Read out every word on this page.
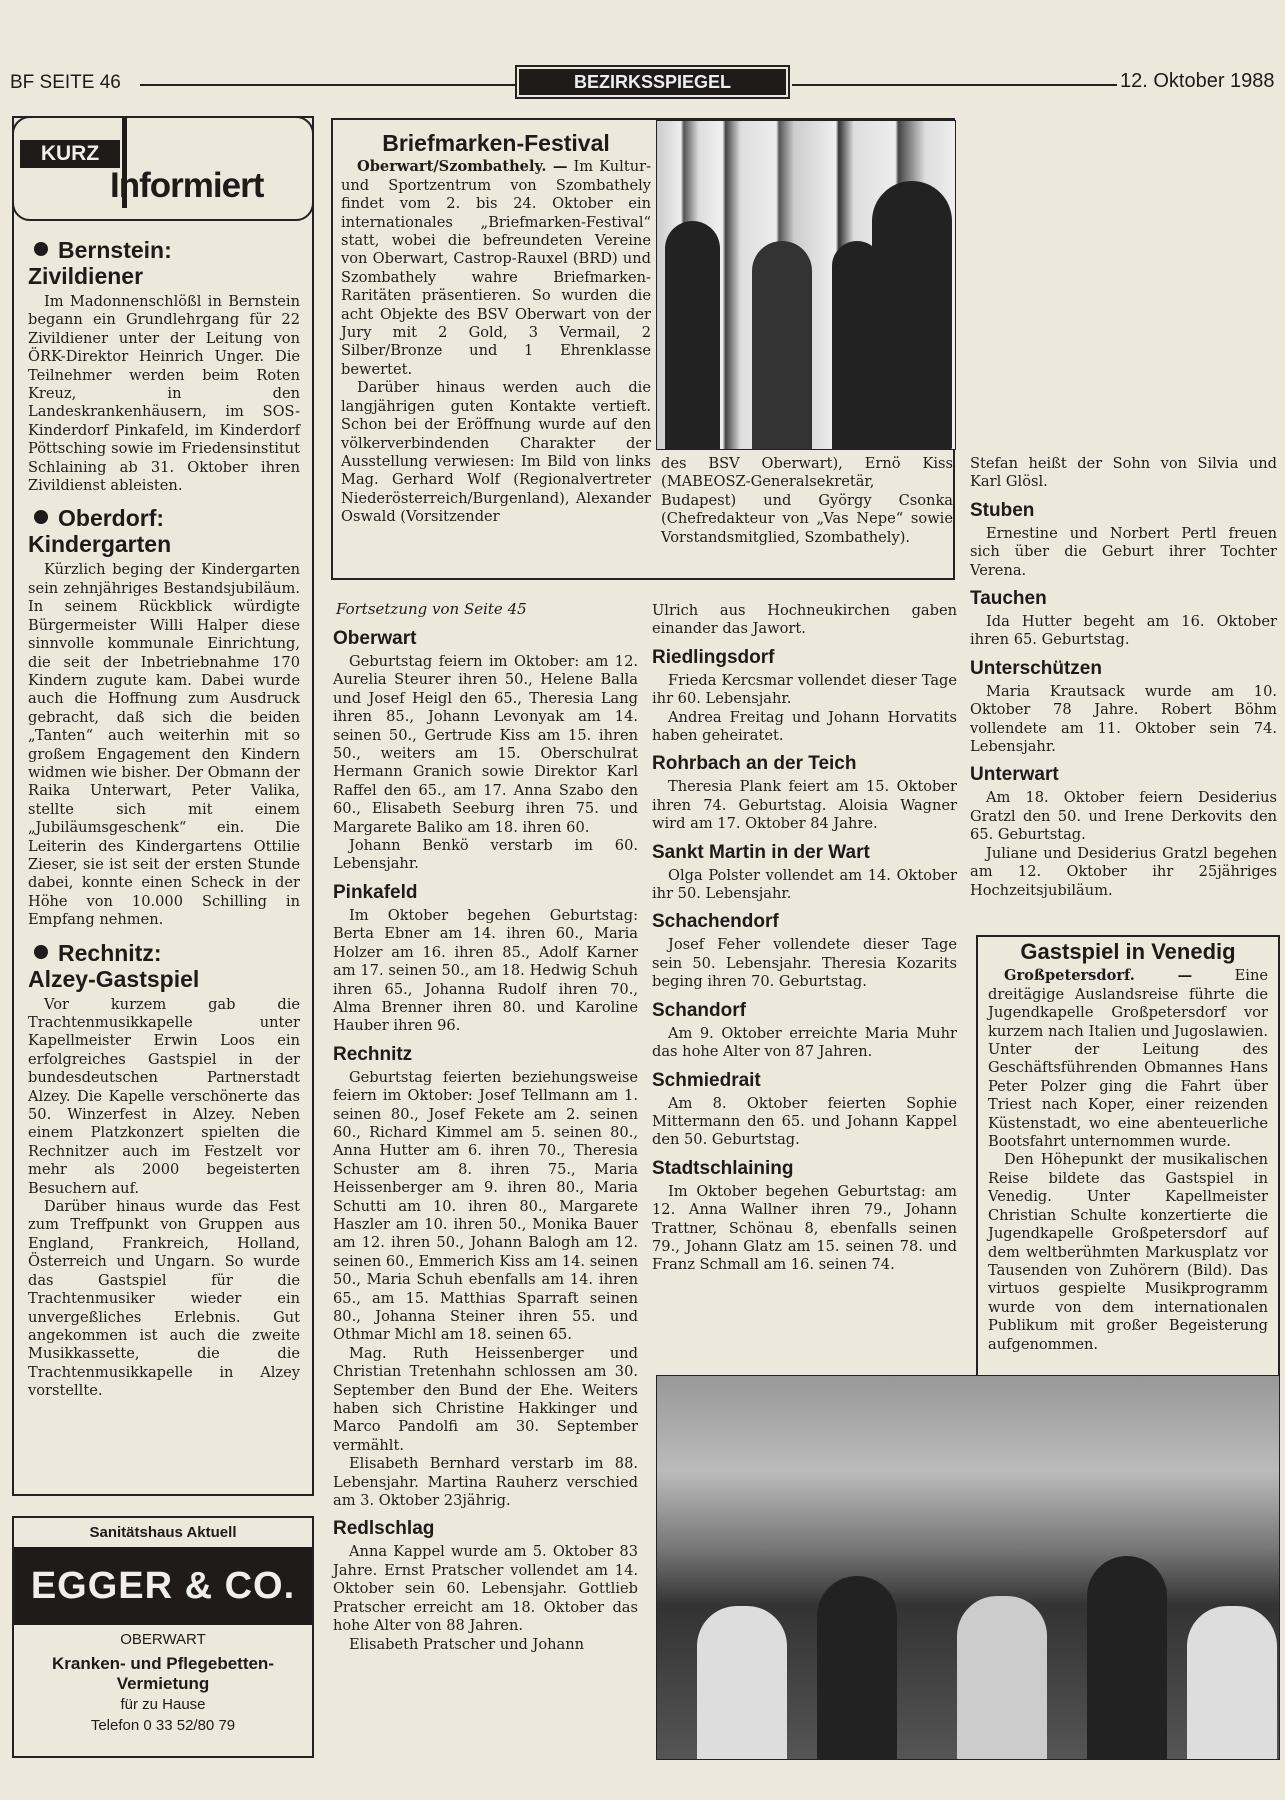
BF SEITE 46	BEZIRKSSPIEGEL	12. Oktober 1988
KURZ
Informiert
Bernstein:
Zivildiener

Im Madonnenschlößl in Bernstein begann ein Grundlehrgang für 22 Zivildiener unter der Leitung von ÖRK-Direktor Heinrich Unger. Die Teilnehmer werden beim Roten Kreuz, in den Landeskrankenhäusern, im SOS-Kinderdorf Pinkafeld, im Kinderdorf Pöttsching sowie im Friedensinstitut Schlaining ab 31. Oktober ihren Zivildienst ableisten.

Oberdorf:
Kindergarten

Kürzlich beging der Kindergarten sein zehnjähriges Bestandsjubiläum. In seinem Rückblick würdigte Bürgermeister Willi Halper diese sinnvolle kommunale Einrichtung, die seit der Inbetriebnahme 170 Kindern zugute kam. Dabei wurde auch die Hoffnung zum Ausdruck gebracht, daß sich die beiden „Tanten“ auch weiterhin mit so großem Engagement den Kindern widmen wie bisher. Der Obmann der Raika Unterwart, Peter Valika, stellte sich mit einem „Jubiläumsgeschenk“ ein. Die Leiterin des Kindergartens Ottilie Zieser, sie ist seit der ersten Stunde dabei, konnte einen Scheck in der Höhe von 10.000 Schilling in Empfang nehmen.

Rechnitz:
Alzey-Gastspiel

Vor kurzem gab die Trachtenmusikkapelle unter Kapellmeister Erwin Loos ein erfolgreiches Gastspiel in der bundesdeutschen Partnerstadt Alzey. Die Kapelle verschönerte das 50. Winzerfest in Alzey. Neben einem Platzkonzert spielten die Rechnitzer auch im Festzelt vor mehr als 2000 begeisterten Besuchern auf.

Darüber hinaus wurde das Fest zum Treffpunkt von Gruppen aus England, Frankreich, Holland, Österreich und Ungarn. So wurde das Gastspiel für die Trachtenmusiker wieder ein unvergeßliches Erlebnis. Gut angekommen ist auch die zweite Musikkassette, die die Trachtenmusikkapelle in Alzey vorstellte.

Sanitätshaus Aktuell
EGGER & CO.
OBERWART
Kranken- und Pflegebetten-
Vermietung
für zu Hause
Telefon 0 33 52/80 79
Briefmarken-Festival

Oberwart/Szombathely. — Im Kultur- und Sportzentrum von Szombathely findet vom 2. bis 24. Oktober ein internationales „Briefmarken-Festival“ statt, wobei die befreundeten Vereine von Oberwart, Castrop-Rauxel (BRD) und Szombathely wahre Briefmarken-Raritäten präsentieren. So wurden die acht Objekte des BSV Oberwart von der Jury mit 2 Gold, 3 Vermail, 2 Silber/Bronze und 1 Ehrenklasse bewertet.

Darüber hinaus werden auch die langjährigen guten Kontakte vertieft. Schon bei der Eröffnung wurde auf den völkerverbindenden Charakter der Ausstellung verwiesen: Im Bild von links Mag. Gerhard Wolf (Regionalvertreter Niederösterreich/Burgenland), Alexander Oswald (Vorsitzender

des BSV Oberwart), Ernö Kiss (MABEOSZ-Generalsekretär, Budapest) und György Csonka (Chefredakteur von „Vas Nepe“ sowie Vorstandsmitglied, Szombathely).
Fortsetzung von Seite 45
Oberwart

Geburtstag feiern im Oktober: am 12. Aurelia Steurer ihren 50., Helene Balla und Josef Heigl den 65., Theresia Lang ihren 85., Johann Levonyak am 14. seinen 50., Gertrude Kiss am 15. ihren 50., weiters am 15. Oberschulrat Hermann Granich sowie Direktor Karl Raffel den 65., am 17. Anna Szabo den 60., Elisabeth Seeburg ihren 75. und Margarete Baliko am 18. ihren 60.

Johann Benkö verstarb im 60. Lebensjahr.

Pinkafeld

Im Oktober begehen Geburtstag: Berta Ebner am 14. ihren 60., Maria Holzer am 16. ihren 85., Adolf Karner am 17. seinen 50., am 18. Hedwig Schuh ihren 65., Johanna Rudolf ihren 70., Alma Brenner ihren 80. und Karoline Hauber ihren 96.

Rechnitz

Geburtstag feierten beziehungsweise feiern im Oktober: Josef Tellmann am 1. seinen 80., Josef Fekete am 2. seinen 60., Richard Kimmel am 5. seinen 80., Anna Hutter am 6. ihren 70., Theresia Schuster am 8. ihren 75., Maria Heissenberger am 9. ihren 80., Maria Schutti am 10. ihren 80., Margarete Haszler am 10. ihren 50., Monika Bauer am 12. ihren 50., Johann Balogh am 12. seinen 60., Emmerich Kiss am 14. seinen 50., Maria Schuh ebenfalls am 14. ihren 65., am 15. Matthias Sparraft seinen 80., Johanna Steiner ihren 55. und Othmar Michl am 18. seinen 65.

Mag. Ruth Heissenberger und Christian Tretenhahn schlossen am 30. September den Bund der Ehe. Weiters haben sich Christine Hakkinger und Marco Pandolfi am 30. September vermählt.

Elisabeth Bernhard verstarb im 88. Lebensjahr. Martina Rauherz verschied am 3. Oktober 23jährig.

Redlschlag

Anna Kappel wurde am 5. Oktober 83 Jahre. Ernst Pratscher vollendet am 14. Oktober sein 60. Lebensjahr. Gottlieb Pratscher erreicht am 18. Oktober das hohe Alter von 88 Jahren.

Elisabeth Pratscher und Johann

Ulrich aus Hochneukirchen gaben einander das Jawort.

Riedlingsdorf

Frieda Kercsmar vollendet dieser Tage ihr 60. Lebensjahr.

Andrea Freitag und Johann Horvatits haben geheiratet.

Rohrbach an der Teich

Theresia Plank feiert am 15. Oktober ihren 74. Geburtstag. Aloisia Wagner wird am 17. Oktober 84 Jahre.

Sankt Martin in der Wart

Olga Polster vollendet am 14. Oktober ihr 50. Lebensjahr.

Schachendorf

Josef Feher vollendete dieser Tage sein 50. Lebensjahr. Theresia Kozarits beging ihren 70. Geburtstag.

Schandorf

Am 9. Oktober erreichte Maria Muhr das hohe Alter von 87 Jahren.

Schmiedrait

Am 8. Oktober feierten Sophie Mittermann den 65. und Johann Kappel den 50. Geburtstag.

Stadtschlaining

Im Oktober begehen Geburtstag: am 12. Anna Wallner ihren 79., Johann Trattner, Schönau 8, ebenfalls seinen 79., Johann Glatz am 15. seinen 78. und Franz Schmall am 16. seinen 74.

Stefan heißt der Sohn von Silvia und Karl Glösl.

Stuben

Ernestine und Norbert Pertl freuen sich über die Geburt ihrer Tochter Verena.

Tauchen

Ida Hutter begeht am 16. Oktober ihren 65. Geburtstag.

Unterschützen

Maria Krautsack wurde am 10. Oktober 78 Jahre. Robert Böhm vollendete am 11. Oktober sein 74. Lebensjahr.

Unterwart

Am 18. Oktober feiern Desiderius Gratzl den 50. und Irene Derkovits den 65. Geburtstag.

Juliane und Desiderius Gratzl begehen am 12. Oktober ihr 25jähriges Hochzeitsjubiläum.

Gastspiel in Venedig

Großpetersdorf. —	Eine dreitägige Auslandsreise führte die Jugendkapelle Großpetersdorf vor kurzem nach Italien und Jugoslawien. Unter der Leitung des Geschäftsführenden Obmannes Hans Peter Polzer ging die Fahrt über Triest nach Koper, einer reizenden Küstenstadt, wo eine abenteuerliche Bootsfahrt unternommen wurde.

Den Höhepunkt der musikalischen Reise bildete das Gastspiel in Venedig. Unter Kapellmeister Christian Schulte konzertierte die Jugendkapelle Großpetersdorf auf dem weltberühmten Markusplatz vor Tausenden von Zuhörern (Bild). Das virtuos gespielte Musikprogramm wurde von dem internationalen Publikum mit großer Begeisterung aufgenommen.
